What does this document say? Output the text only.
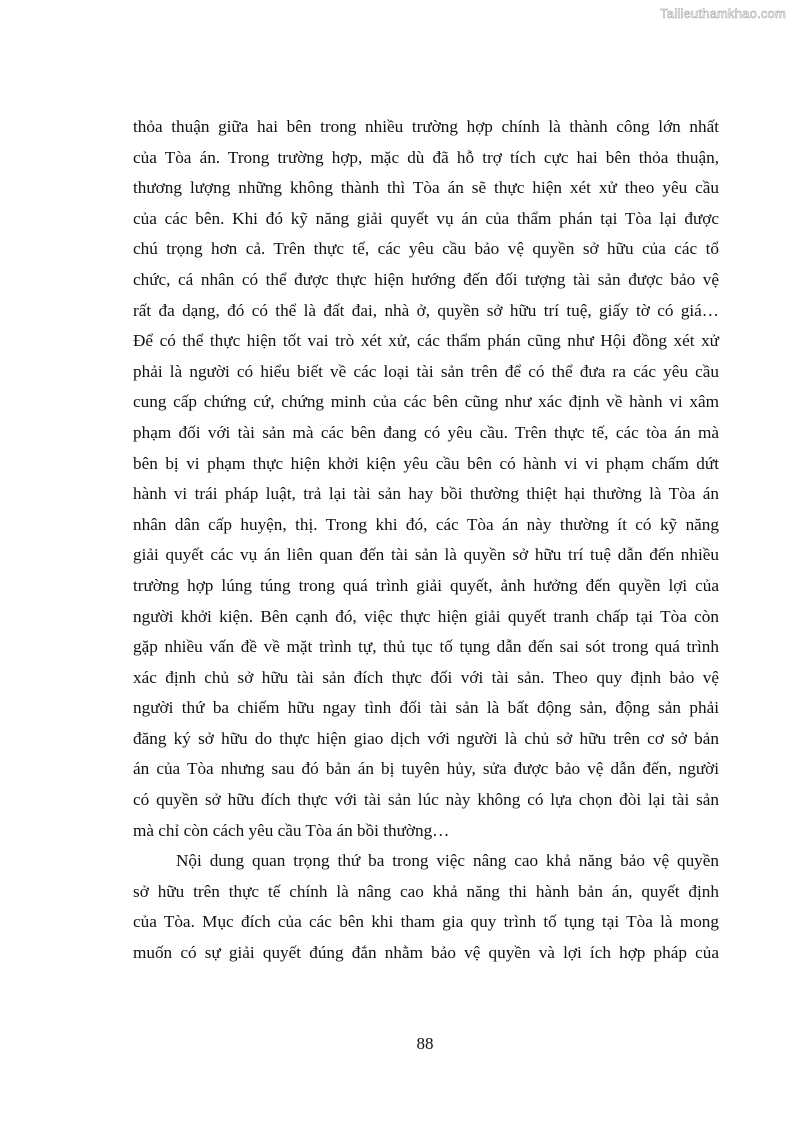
Tailieuthamkhao.com
thỏa thuận giữa hai bên trong nhiều trường hợp chính là thành công lớn nhất
của Tòa án. Trong trường hợp, mặc dù đã hỗ trợ tích cực hai bên thỏa thuận,
thương lượng những không thành thì Tòa án sẽ thực hiện xét xử theo yêu cầu
của các bên. Khi đó kỹ năng giải quyết vụ án của thẩm phán tại Tòa lại được
chú trọng hơn cả. Trên thực tế, các yêu cầu bảo vệ quyền sở hữu của các tổ
chức, cá nhân có thể được thực hiện hướng đến đối tượng tài sản được bảo vệ
rất đa dạng, đó có thể là đất đai, nhà ở, quyền sở hữu trí tuệ, giấy tờ có giá…
Để có thể thực hiện tốt vai trò xét xử, các thẩm phán cũng như Hội đồng xét xử
phải là người có hiểu biết về các loại tài sản trên để có thể đưa ra các yêu cầu
cung cấp chứng cứ, chứng minh của các bên cũng như xác định về hành vi xâm
phạm đối với tài sản mà các bên đang có yêu cầu. Trên thực tế, các tòa án mà
bên bị vi phạm thực hiện khởi kiện yêu cầu bên có hành vi vi phạm chấm dứt
hành vi trái pháp luật, trả lại tài sản hay bồi thường thiệt hại thường là Tòa án
nhân dân cấp huyện, thị. Trong khi đó, các Tòa án này thường ít có kỹ năng
giải quyết các vụ án liên quan đến tài sản là quyền sở hữu trí tuệ dẫn đến nhiều
trường hợp lúng túng trong quá trình giải quyết, ảnh hưởng đến quyền lợi của
người khởi kiện. Bên cạnh đó, việc thực hiện giải quyết tranh chấp tại Tòa còn
gặp nhiều vấn đề về mặt trình tự, thủ tục tố tụng dẫn đến sai sót trong quá trình
xác định chủ sở hữu tài sản đích thực đối với tài sản. Theo quy định bảo vệ
người thứ ba chiếm hữu ngay tình đối tài sản là bất động sản, động sản phải
đăng ký sở hữu do thực hiện giao dịch với người là chủ sở hữu trên cơ sở bản
án của Tòa nhưng sau đó bản án bị tuyên hủy, sửa được bảo vệ dẫn đến, người
có quyền sở hữu đích thực với tài sản lúc này không có lựa chọn đòi lại tài sản
mà chỉ còn cách yêu cầu Tòa án bồi thường…
Nội dung quan trọng thứ ba trong việc nâng cao khả năng bảo vệ quyền
sở hữu trên thực tế chính là nâng cao khả năng thi hành bản án, quyết định
của Tòa. Mục đích của các bên khi tham gia quy trình tố tụng tại Tòa là mong
muốn có sự giải quyết đúng đắn nhằm bảo vệ quyền và lợi ích hợp pháp của
88
